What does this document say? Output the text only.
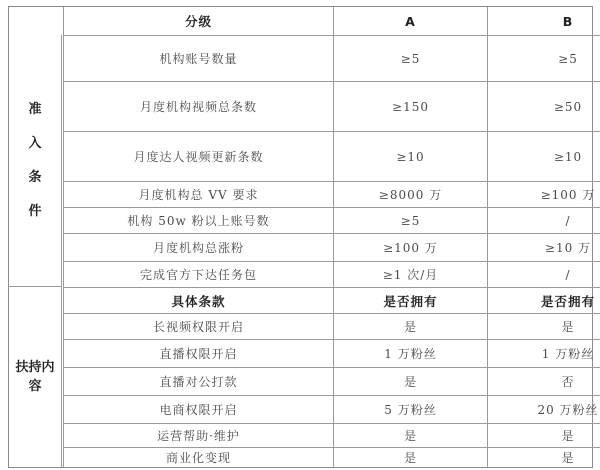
分级	A	B
机构账号数量	≥5	≥5
月度机构视频总条数	≥150	≥50
月度达人视频更新条数	≥10	≥10
月度机构总 VV 要求	≥8000 万	≥100 万
机构 50w 粉以上账号数	≥5	/
月度机构总涨粉	≥100 万	≥10 万
完成官方下达任务包	≥1 次/月	/
具体条款	是否拥有	是否拥有
长视频权限开启	是	是
直播权限开启	1 万粉丝	1 万粉丝
直播对公打款	是	否
电商权限开启	5 万粉丝	20 万粉丝
运营帮助·维护	是	是
商业化变现	是	是
准入条件
扶持内容
